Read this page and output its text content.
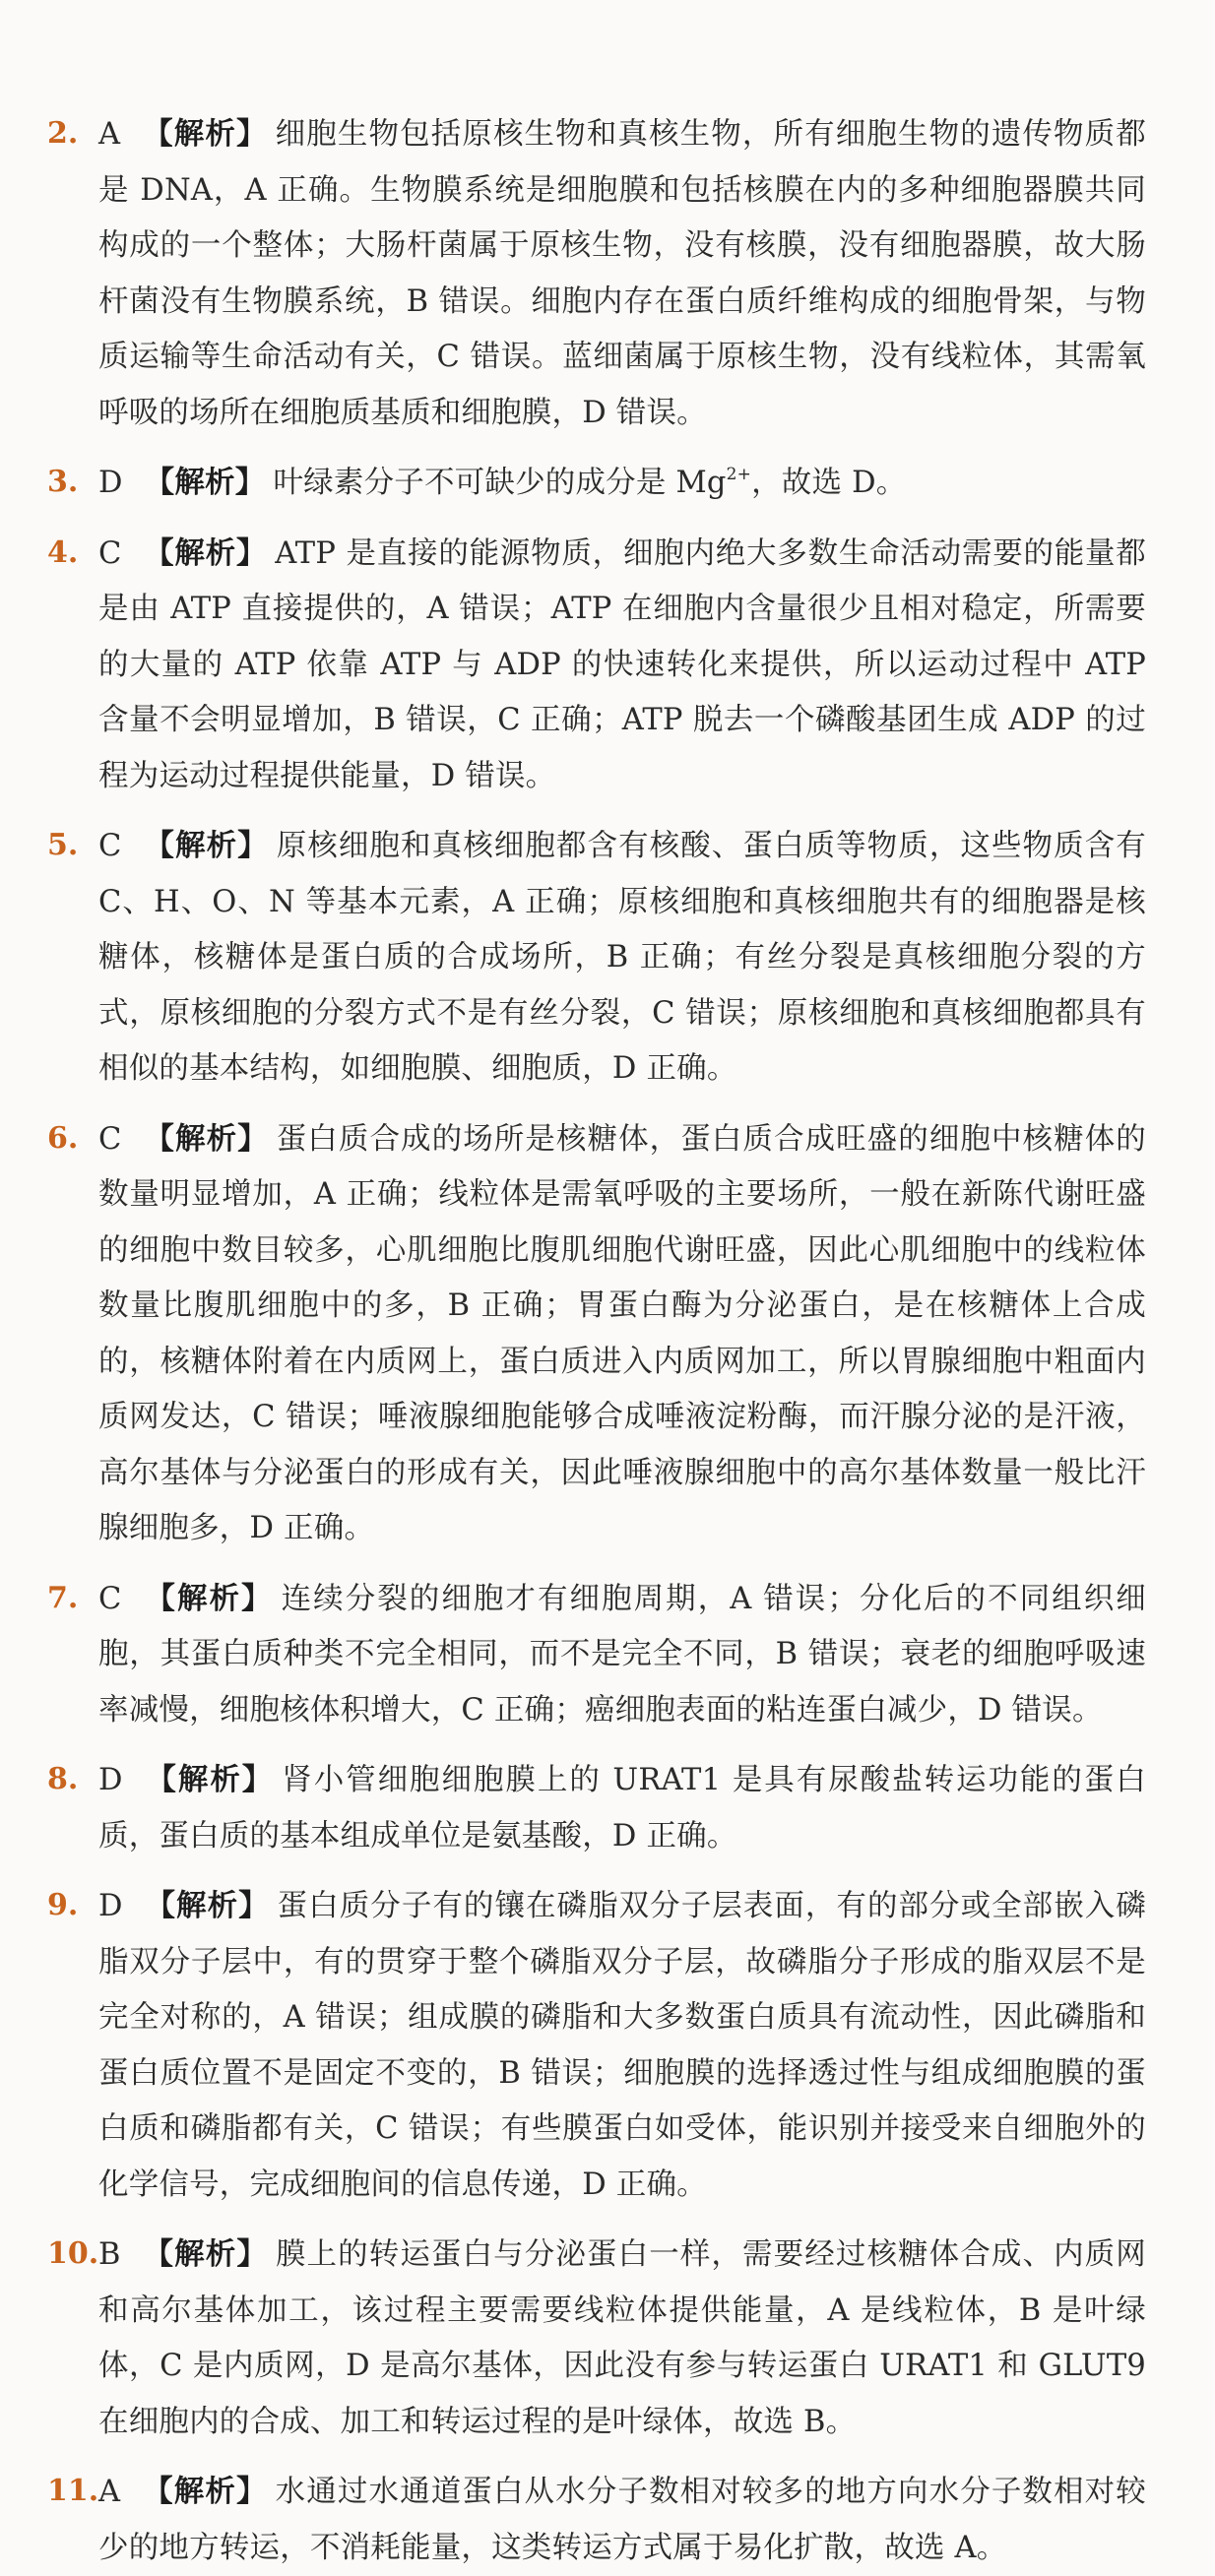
2. A 【解析】 细胞生物包括原核生物和真核生物，所有细胞生物的遗传物质都是 DNA，A 正确。生物膜系统是细胞膜和包括核膜在内的多种细胞器膜共同构成的一个整体；大肠杆菌属于原核生物，没有核膜，没有细胞器膜，故大肠杆菌没有生物膜系统，B 错误。细胞内存在蛋白质纤维构成的细胞骨架，与物质运输等生命活动有关，C 错误。蓝细菌属于原核生物，没有线粒体，其需氧呼吸的场所在细胞质基质和细胞膜，D 错误。
3. D 【解析】 叶绿素分子不可缺少的成分是 $Mg^{2+}$，故选 D。
4. C 【解析】 ATP 是直接的能源物质，细胞内绝大多数生命活动需要的能量都是由 ATP 直接提供的，A 错误；ATP 在细胞内含量很少且相对稳定，所需要的大量的 ATP 依靠 ATP 与 ADP 的快速转化来提供，所以运动过程中 ATP 含量不会明显增加，B 错误，C 正确；ATP 脱去一个磷酸基团生成 ADP 的过程为运动过程提供能量，D 错误。
5. C 【解析】 原核细胞和真核细胞都含有核酸、蛋白质等物质，这些物质含有 C、H、O、N 等基本元素，A 正确；原核细胞和真核细胞共有的细胞器是核糖体，核糖体是蛋白质的合成场所，B 正确；有丝分裂是真核细胞分裂的方式，原核细胞的分裂方式不是有丝分裂，C 错误；原核细胞和真核细胞都具有相似的基本结构，如细胞膜、细胞质，D 正确。
6. C 【解析】 蛋白质合成的场所是核糖体，蛋白质合成旺盛的细胞中核糖体的数量明显增加，A 正确；线粒体是需氧呼吸的主要场所，一般在新陈代谢旺盛的细胞中数目较多，心肌细胞比腹肌细胞代谢旺盛，因此心肌细胞中的线粒体数量比腹肌细胞中的多，B 正确；胃蛋白酶为分泌蛋白，是在核糖体上合成的，核糖体附着在内质网上，蛋白质进入内质网加工，所以胃腺细胞中粗面内质网发达，C 错误；唾液腺细胞能够合成唾液淀粉酶，而汗腺分泌的是汗液，高尔基体与分泌蛋白的形成有关，因此唾液腺细胞中的高尔基体数量一般比汗腺细胞多，D 正确。
7. C 【解析】 连续分裂的细胞才有细胞周期，A 错误；分化后的不同组织细胞，其蛋白质种类不完全相同，而不是完全不同，B 错误；衰老的细胞呼吸速率减慢，细胞核体积增大，C 正确；癌细胞表面的粘连蛋白减少，D 错误。
8. D 【解析】 肾小管细胞细胞膜上的 URAT1 是具有尿酸盐转运功能的蛋白质，蛋白质的基本组成单位是氨基酸，D 正确。
9. D 【解析】 蛋白质分子有的镶在磷脂双分子层表面，有的部分或全部嵌入磷脂双分子层中，有的贯穿于整个磷脂双分子层，故磷脂分子形成的脂双层不是完全对称的，A 错误；组成膜的磷脂和大多数蛋白质具有流动性，因此磷脂和蛋白质位置不是固定不变的，B 错误；细胞膜的选择透过性与组成细胞膜的蛋白质和磷脂都有关，C 错误；有些膜蛋白如受体，能识别并接受来自细胞外的化学信号，完成细胞间的信息传递，D 正确。
10. B 【解析】 膜上的转运蛋白与分泌蛋白一样，需要经过核糖体合成、内质网和高尔基体加工，该过程主要需要线粒体提供能量，A 是线粒体，B 是叶绿体，C 是内质网，D 是高尔基体，因此没有参与转运蛋白 URAT1 和 GLUT9 在细胞内的合成、加工和转运过程的是叶绿体，故选 B。
11. A 【解析】 水通过水通道蛋白从水分子数相对较多的地方向水分子数相对较少的地方转运，不消耗能量，这类转运方式属于易化扩散，故选 A。
